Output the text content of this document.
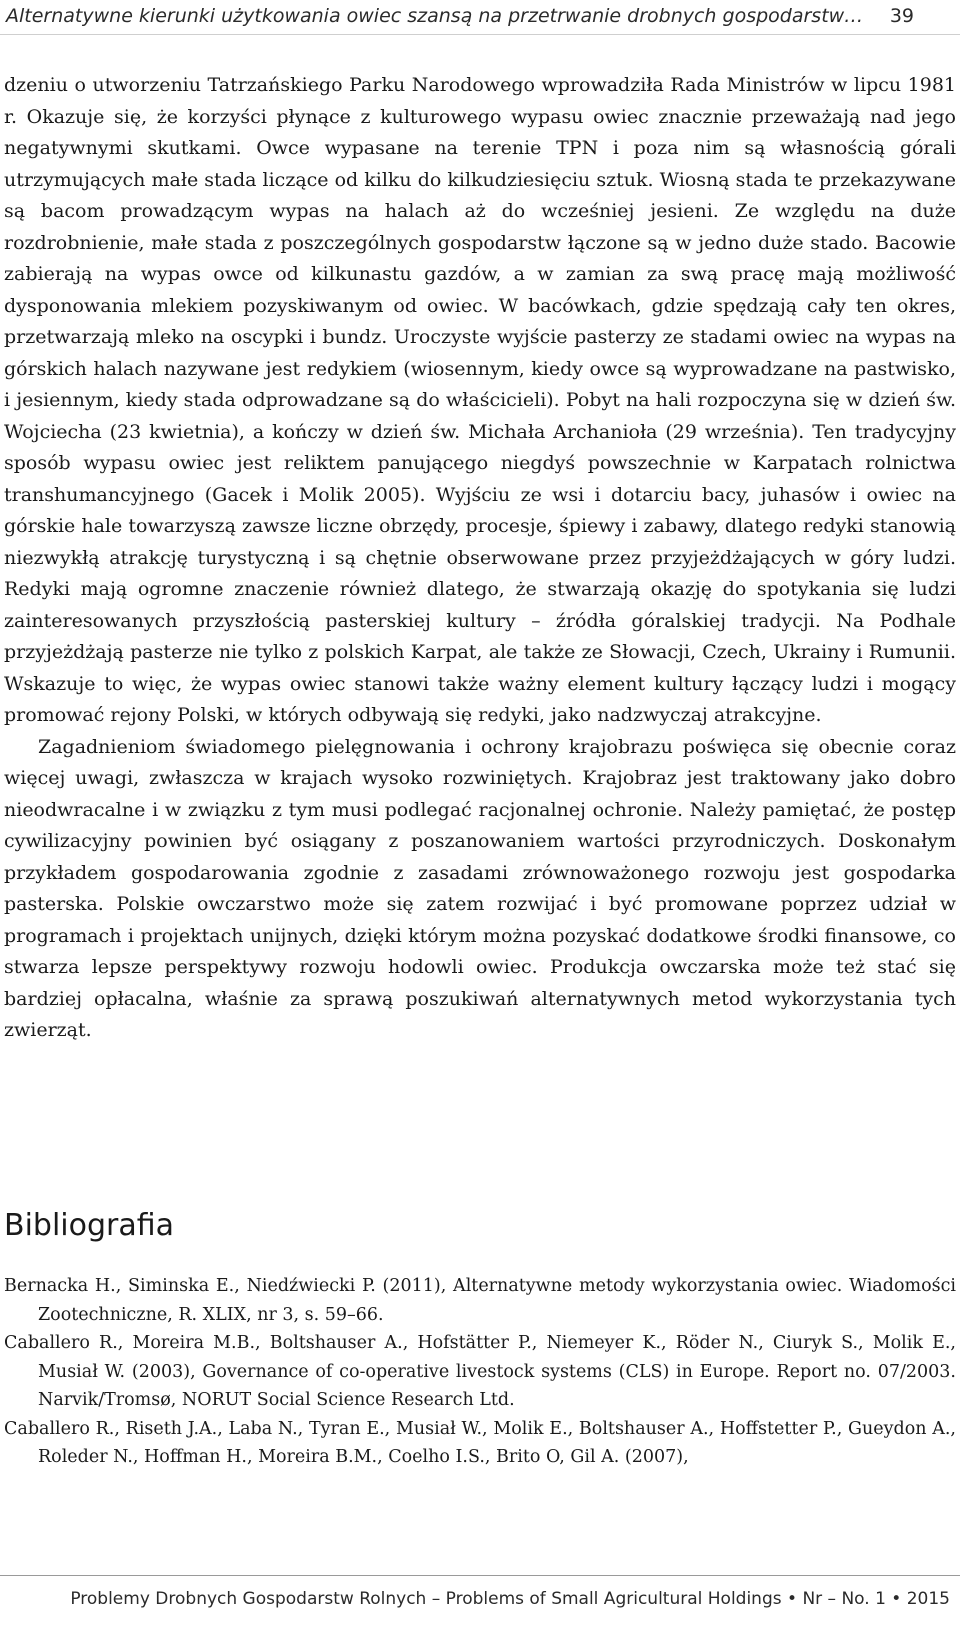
Alternatywne kierunki użytkowania owiec szansą na przetrwanie drobnych gospodarstw… 39

dzeniu o utworzeniu Tatrzańskiego Parku Narodowego wprowadziła Rada Ministrów w lipcu 1981 r. Okazuje się, że korzyści płynące z kulturowego wypasu owiec znacznie przeważają nad jego negatywnymi skutkami. Owce wypasane na terenie TPN i poza nim są własnością górali utrzymujących małe stada liczące od kilku do kilkudziesięciu sztuk. Wiosną stada te przekazywane są bacom prowadzącym wypas na halach aż do wcześniej jesieni. Ze względu na duże rozdrobnienie, małe stada z poszczególnych gospodarstw łączone są w jedno duże stado. Bacowie zabierają na wypas owce od kilkunastu gazdów, a w zamian za swą pracę mają możliwość dysponowania mlekiem pozyskiwanym od owiec. W bacówkach, gdzie spędzają cały ten okres, przetwarzają mleko na oscypki i bundz. Uroczyste wyjście pasterzy ze stadami owiec na wypas na górskich halach nazywane jest redykiem (wiosennym, kiedy owce są wyprowadzane na pastwisko, i jesiennym, kiedy stada odprowadzane są do właścicieli). Pobyt na hali rozpoczyna się w dzień św. Wojciecha (23 kwietnia), a kończy w dzień św. Michała Archanioła (29 września). Ten tradycyjny sposób wypasu owiec jest reliktem panującego niegdyś powszechnie w Karpatach rolnictwa transhumancyjnego (Gacek i Molik 2005). Wyjściu ze wsi i dotarciu bacy, juhasów i owiec na górskie hale towarzyszą zawsze liczne obrzędy, procesje, śpiewy i zabawy, dlatego redyki stanowią niezwykłą atrakcję turystyczną i są chętnie obserwowane przez przyjeżdżających w góry ludzi. Redyki mają ogromne znaczenie również dlatego, że stwarzają okazję do spotykania się ludzi zainteresowanych przyszłością pasterskiej kultury – źródła góralskiej tradycji. Na Podhale przyjeżdżają pasterze nie tylko z polskich Karpat, ale także ze Słowacji, Czech, Ukrainy i Rumunii. Wskazuje to więc, że wypas owiec stanowi także ważny element kultury łączący ludzi i mogący promować rejony Polski, w których odbywają się redyki, jako nadzwyczaj atrakcyjne.

Zagadnieniom świadomego pielęgnowania i ochrony krajobrazu poświęca się obecnie coraz więcej uwagi, zwłaszcza w krajach wysoko rozwiniętych. Krajobraz jest traktowany jako dobro nieodwracalne i w związku z tym musi podlegać racjonalnej ochronie. Należy pamiętać, że postęp cywilizacyjny powinien być osiągany z poszanowaniem wartości przyrodniczych. Doskonałym przykładem gospodarowania zgodnie z zasadami zrównoważonego rozwoju jest gospodarka pasterska. Polskie owczarstwo może się zatem rozwijać i być promowane poprzez udział w programach i projektach unijnych, dzięki którym można pozyskać dodatkowe środki finansowe, co stwarza lepsze perspektywy rozwoju hodowli owiec. Produkcja owczarska może też stać się bardziej opłacalna, właśnie za sprawą poszukiwań alternatywnych metod wykorzystania tych zwierząt.

Bibliografia

Bernacka H., Siminska E., Niedźwiecki P. (2011), Alternatywne metody wykorzystania owiec. Wiadomości Zootechniczne, R. XLIX, nr 3, s. 59–66.

Caballero R., Moreira M.B., Boltshauser A., Hofstätter P., Niemeyer K., Röder N., Ciuryk S., Molik E., Musiał W. (2003), Governance of co-operative livestock systems (CLS) in Europe. Report no. 07/2003. Narvik/Tromsø, NORUT Social Science Research Ltd.

Caballero R., Riseth J.A., Laba N., Tyran E., Musiał W., Molik E., Boltshauser A., Hoffstetter P., Gueydon A., Roleder N., Hoffman H., Moreira B.M., Coelho I.S., Brito O, Gil A. (2007),

Problemy Drobnych Gospodarstw Rolnych – Problems of Small Agricultural Holdings • Nr – No. 1 • 2015
